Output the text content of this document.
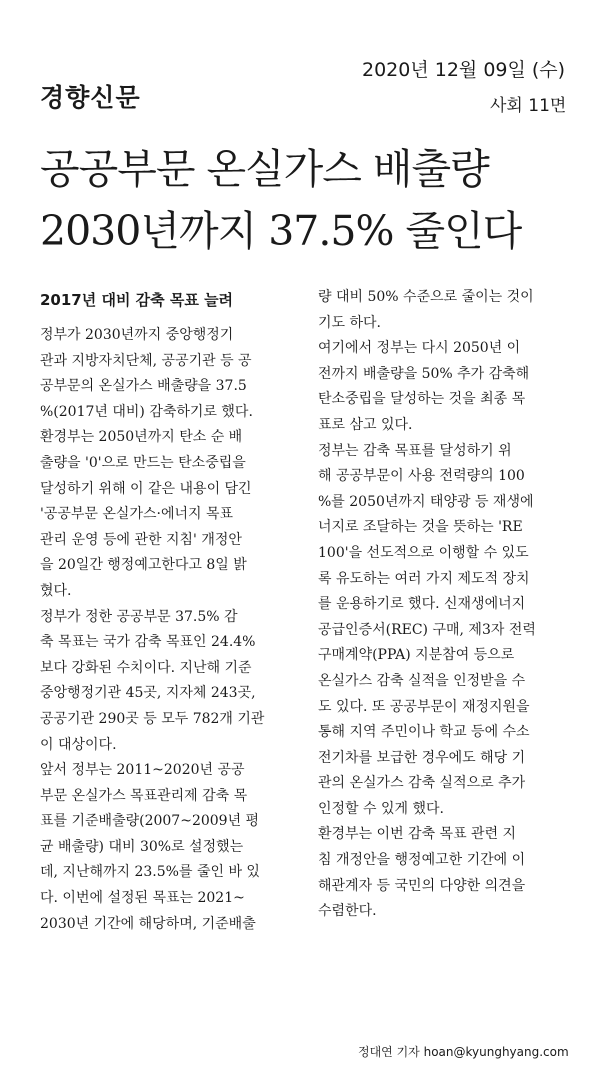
경향신문
2020년 12월 09일 (수)
사회 11면
공공부문 온실가스 배출량
2030년까지 37.5% 줄인다
2017년 대비 감축 목표 늘려
정부가 2030년까지 중앙행정기
관과 지방자치단체, 공공기관 등 공
공부문의 온실가스 배출량을 37.5
%(2017년 대비) 감축하기로 했다.
환경부는 2050년까지 탄소 순 배
출량을 '0'으로 만드는 탄소중립을
달성하기 위해 이 같은 내용이 담긴
'공공부문 온실가스·에너지 목표
관리 운영 등에 관한 지침' 개정안
을 20일간 행정예고한다고 8일 밝
혔다.
정부가 정한 공공부문 37.5% 감
축 목표는 국가 감축 목표인 24.4%
보다 강화된 수치이다. 지난해 기준
중앙행정기관 45곳, 지자체 243곳,
공공기관 290곳 등 모두 782개 기관
이 대상이다.
앞서 정부는 2011~2020년 공공
부문 온실가스 목표관리제 감축 목
표를 기준배출량(2007~2009년 평
균 배출량) 대비 30%로 설정했는
데, 지난해까지 23.5%를 줄인 바 있
다. 이번에 설정된 목표는 2021~
2030년 기간에 해당하며, 기준배출
량 대비 50% 수준으로 줄이는 것이
기도 하다.
여기에서 정부는 다시 2050년 이
전까지 배출량을 50% 추가 감축해
탄소중립을 달성하는 것을 최종 목
표로 삼고 있다.
정부는 감축 목표를 달성하기 위
해 공공부문이 사용 전력량의 100
%를 2050년까지 태양광 등 재생에
너지로 조달하는 것을 뜻하는 'RE
100'을 선도적으로 이행할 수 있도
록 유도하는 여러 가지 제도적 장치
를 운용하기로 했다. 신재생에너지
공급인증서(REC) 구매, 제3자 전력
구매계약(PPA) 지분참여 등으로
온실가스 감축 실적을 인정받을 수
도 있다. 또 공공부문이 재정지원을
통해 지역 주민이나 학교 등에 수소
전기차를 보급한 경우에도 해당 기
관의 온실가스 감축 실적으로 추가
인정할 수 있게 했다.
환경부는 이번 감축 목표 관련 지
침 개정안을 행정예고한 기간에 이
해관계자 등 국민의 다양한 의견을
수렴한다.
정대연 기자 hoan@kyunghyang.com
